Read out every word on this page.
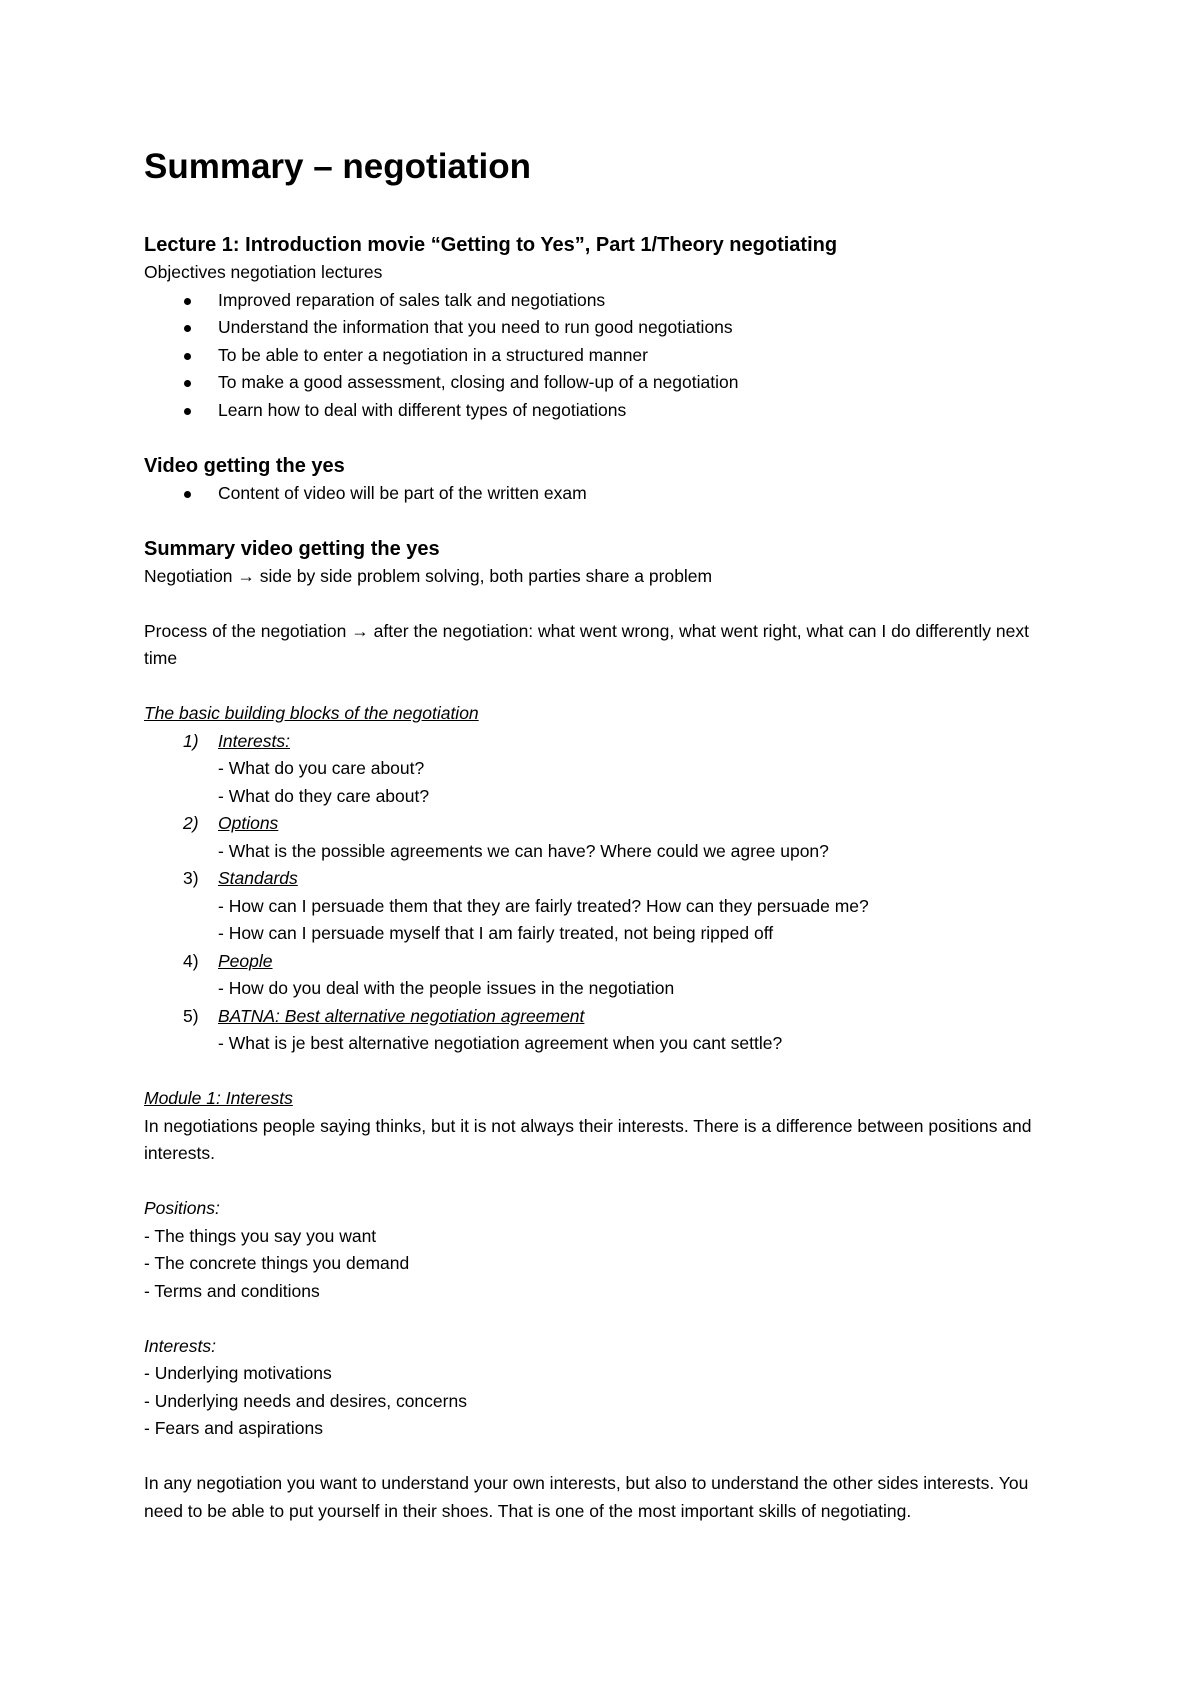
Summary – negotiation
Lecture 1: Introduction movie “Getting to Yes”, Part 1/Theory negotiating
Objectives negotiation lectures
Improved reparation of sales talk and negotiations
Understand the information that you need to run good negotiations
To be able to enter a negotiation in a structured manner
To make a good assessment, closing and follow-up of a negotiation
Learn how to deal with different types of negotiations
Video getting the yes
Content of video will be part of the written exam
Summary video getting the yes
Negotiation → side by side problem solving, both parties share a problem
Process of the negotiation → after the negotiation: what went wrong, what went right, what can I do differently next time
The basic building blocks of the negotiation
1) Interests:
- What do you care about?
- What do they care about?
2) Options
- What is the possible agreements we can have? Where could we agree upon?
3) Standards
- How can I persuade them that they are fairly treated? How can they persuade me?
- How can I persuade myself that I am fairly treated, not being ripped off
4) People
- How do you deal with the people issues in the negotiation
5) BATNA: Best alternative negotiation agreement
- What is je best alternative negotiation agreement when you cant settle?
Module 1: Interests
In negotiations people saying thinks, but it is not always their interests. There is a difference between positions and interests.
Positions:
- The things you say you want
- The concrete things you demand
- Terms and conditions
Interests:
- Underlying motivations
- Underlying needs and desires, concerns
- Fears and aspirations
In any negotiation you want to understand your own interests, but also to understand the other sides interests. You need to be able to put yourself in their shoes. That is one of the most important skills of negotiating.
